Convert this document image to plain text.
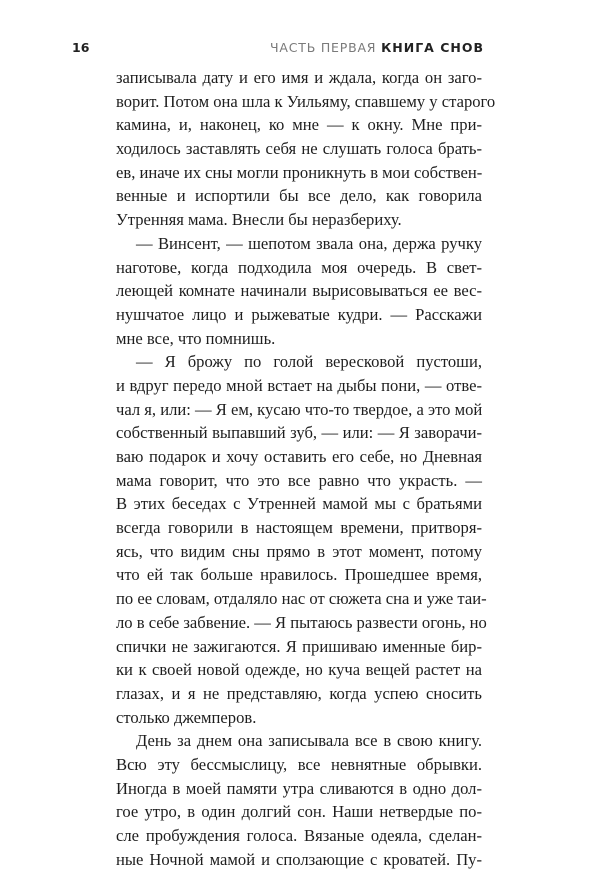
16	ЧАСТЬ ПЕРВАЯ КНИГА СНОВ
записывала дату и его имя и ждала, когда он заго-
ворит. Потом она шла к Уильяму, спавшему у старого
камина, и, наконец, ко мне — к окну. Мне при-
ходилось заставлять себя не слушать голоса брать-
ев, иначе их сны могли проникнуть в мои собствен-
венные и испортили бы все дело, как говорила
Утренняя мама. Внесли бы неразбериху.
— Винсент, — шепотом звала она, держа ручку
наготове, когда подходила моя очередь. В свет-
леющей комнате начинали вырисовываться ее вес-
нушчатое лицо и рыжеватые кудри. — Расскажи
мне все, что помнишь.
— Я брожу по голой вересковой пустоши,
и вдруг передо мной встает на дыбы пони, — отве-
чал я, или: — Я ем, кусаю что-то твердое, а это мой
собственный выпавший зуб, — или: — Я заворачи-
ваю подарок и хочу оставить его себе, но Дневная
мама говорит, что это все равно что украсть. —
В этих беседах с Утренней мамой мы с братьями
всегда говорили в настоящем времени, притворя-
ясь, что видим сны прямо в этот момент, потому
что ей так больше нравилось. Прошедшее время,
по ее словам, отдаляло нас от сюжета сна и уже таи-
ло в себе забвение. — Я пытаюсь развести огонь, но
спички не зажигаются. Я пришиваю именные бир-
ки к своей новой одежде, но куча вещей растет на
глазах, и я не представляю, когда успею сносить
столько джемперов.
День за днем она записывала все в свою книгу.
Всю эту бессмыслицу, все невнятные обрывки.
Иногда в моей памяти утра сливаются в одно дол-
гое утро, в один долгий сон. Наши нетвердые по-
сле пробуждения голоса. Вязаные одеяла, сделан-
ные Ночной мамой и сползающие с кроватей. Пу-
